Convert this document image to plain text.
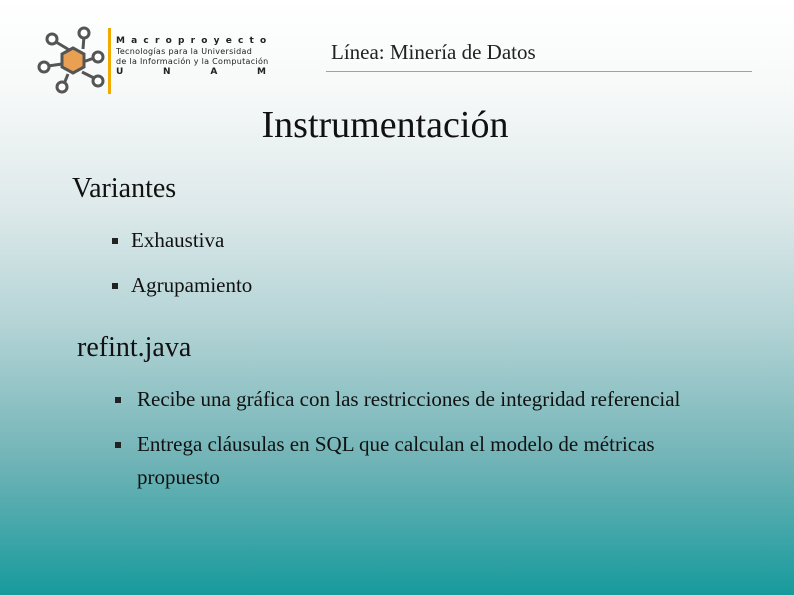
Macroproyecto
Tecnologías para la Universidad
de la Información y la Computación
U	N	A	M
Línea: Minería de Datos
Instrumentación
Variantes
Exhaustiva
Agrupamiento
refint.java
Recibe una gráfica con las restricciones de integridad referencial
Entrega cláusulas en SQL que calculan el modelo de métricas propuesto
